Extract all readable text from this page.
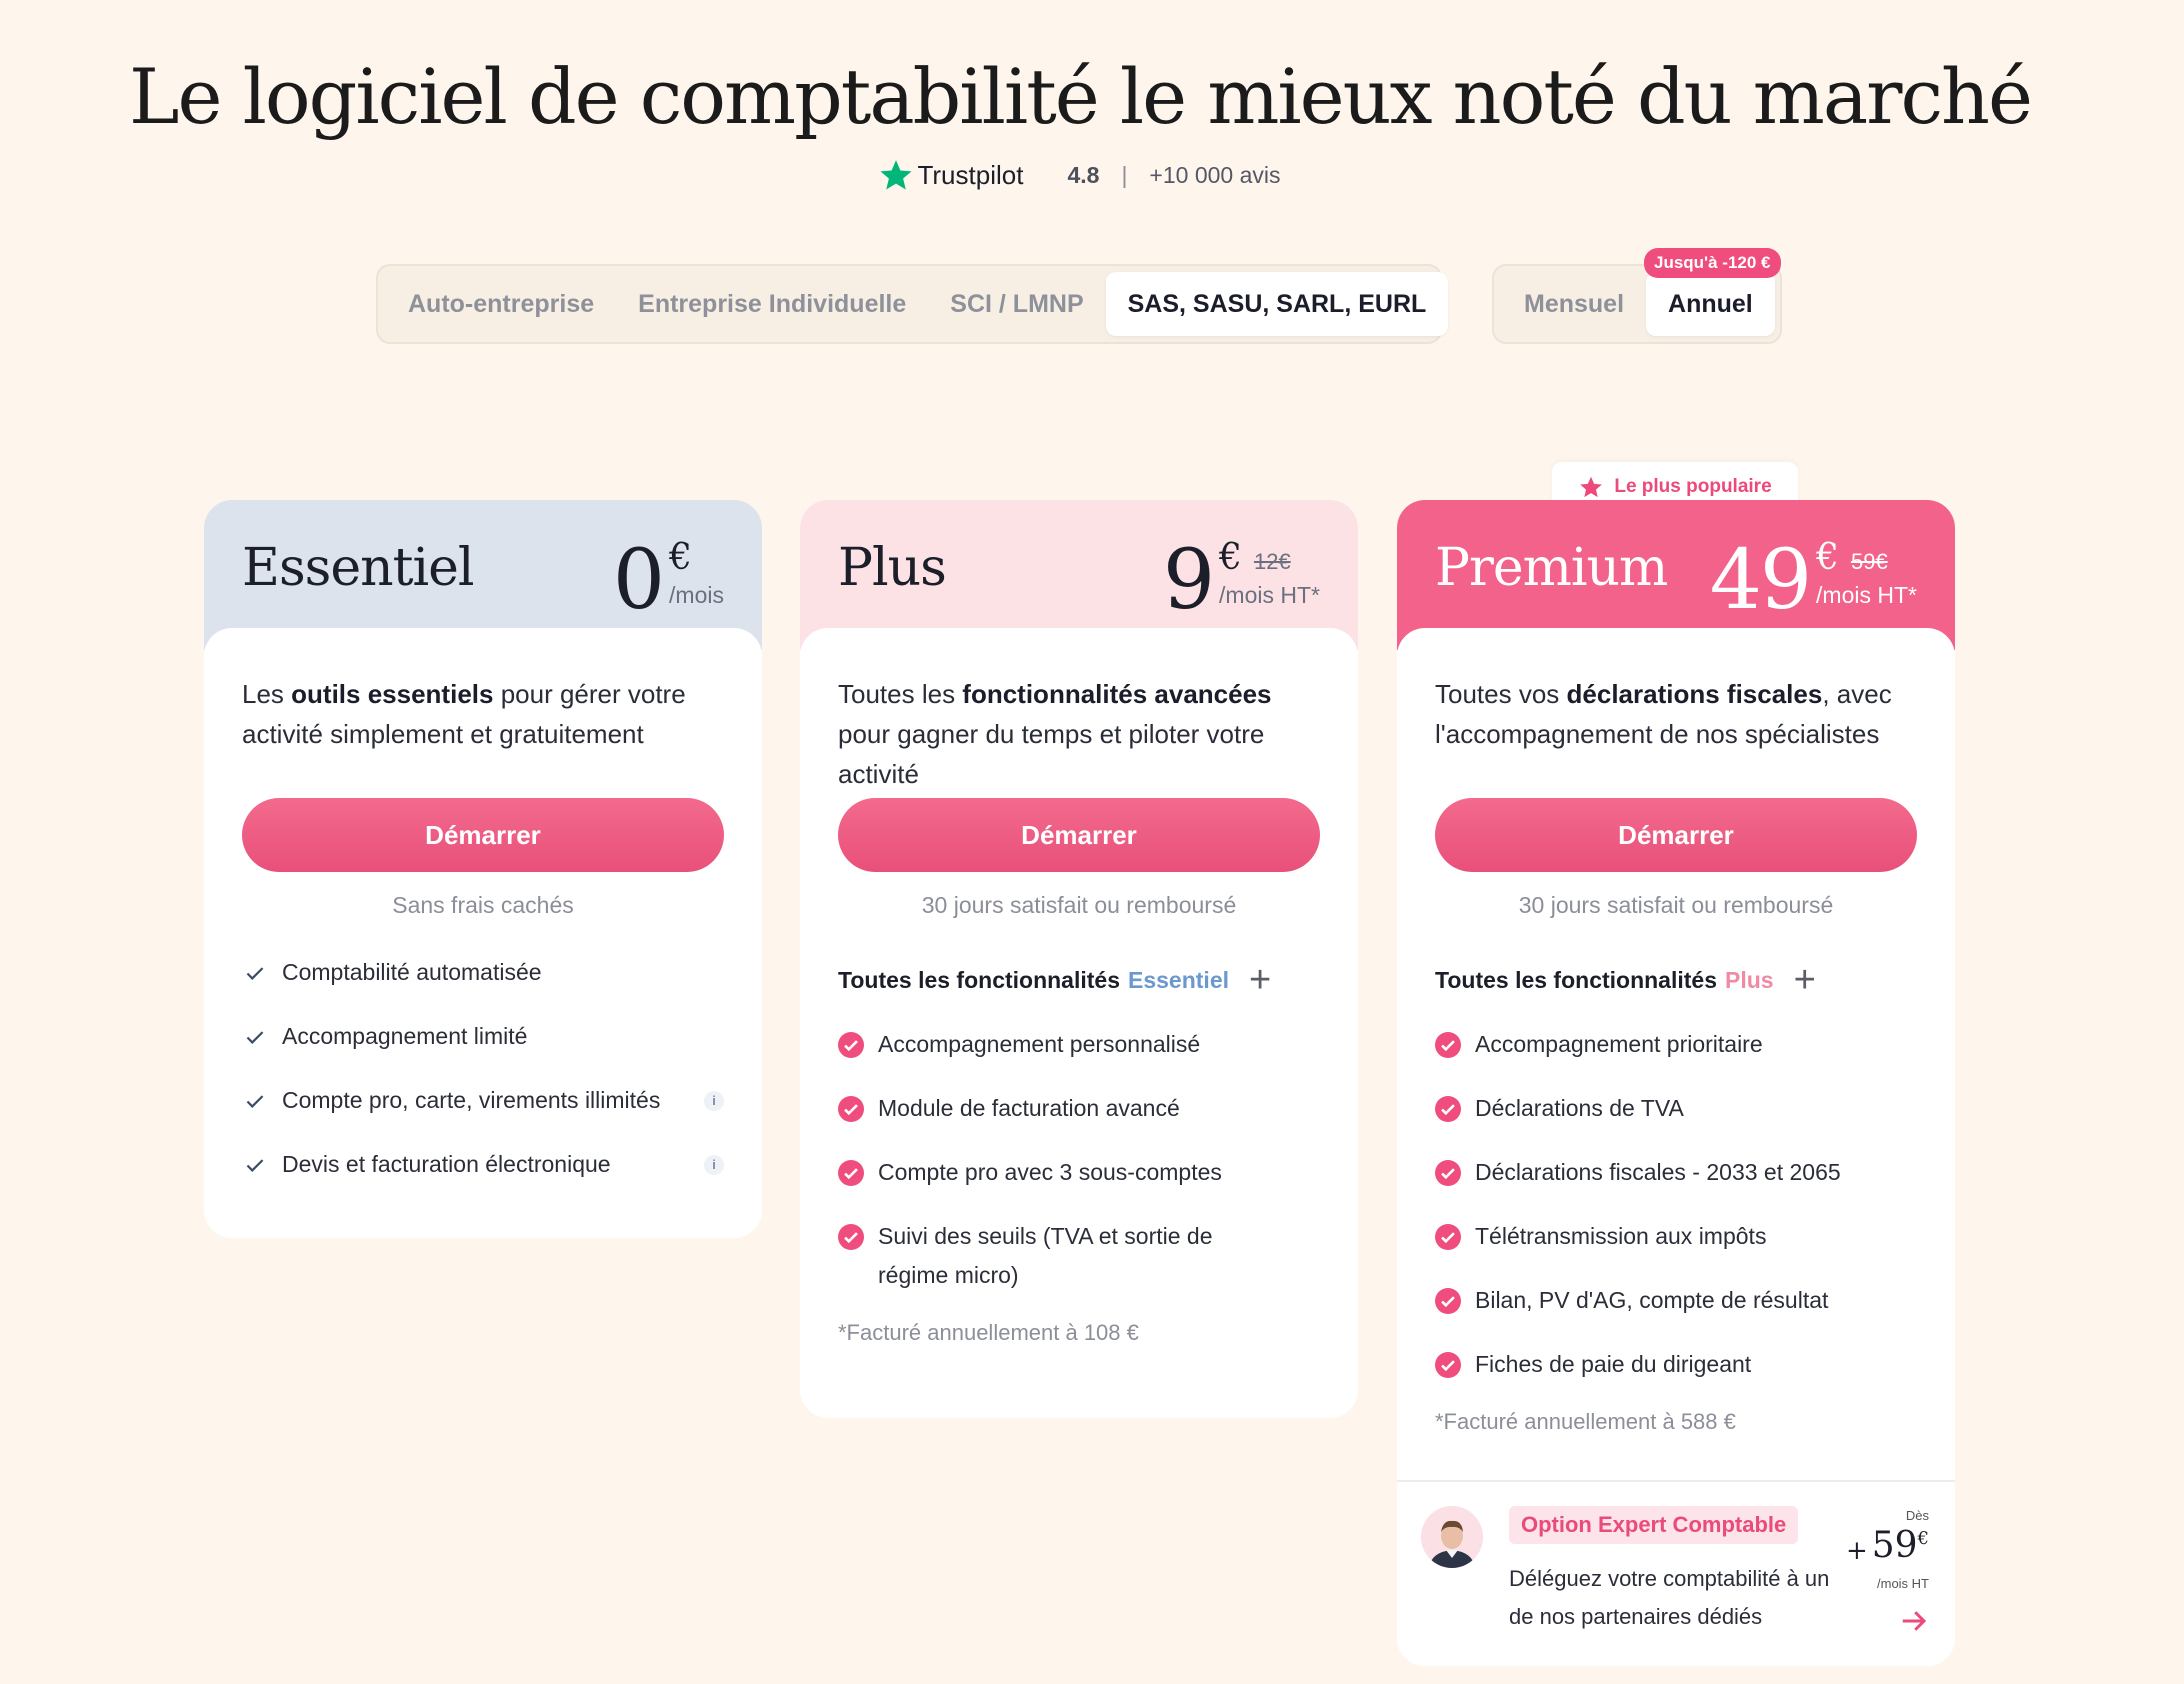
Le logiciel de comptabilité le mieux noté du marché
Trustpilot 4.8 | +10 000 avis
Auto-entreprise	Entreprise Individuelle	SCI / LMNP	SAS, SASU, SARL, EURL	Mensuel	Annuel
Jusqu'à -120 €
Essentiel 0 €
/mois

Les outils essentiels pour gérer votre activité simplement et gratuitement

Démarrer
Sans frais cachés
Comptabilité automatisée
Accompagnement limité
Compte pro, carte, virements illimités	i
Devis et facturation électronique	i
Plus	9 € 12€
/mois HT*

Toutes les fonctionnalités avancées pour gagner du temps et piloter votre activité

Démarrer
30 jours satisfait ou remboursé
Toutes les fonctionnalités Essentiel +
Accompagnement personnalisé
Module de facturation avancé
Compte pro avec 3 sous-comptes
Suivi des seuils (TVA et sortie de régime micro)
*Facturé annuellement à 108 €
Le plus populaire
Premium 49 € 59€
/mois HT*

Toutes vos déclarations fiscales, avec l'accompagnement de nos spécialistes

Démarrer
30 jours satisfait ou remboursé
Toutes les fonctionnalités Plus +
Accompagnement prioritaire
Déclarations de TVA
Déclarations fiscales - 2033 et 2065
Télétransmission aux impôts
Bilan, PV d'AG, compte de résultat
Fiches de paie du dirigeant
*Facturé annuellement à 588 €
Option Expert Comptable
Déléguez votre comptabilité à un de nos partenaires dédiés
Dès
+ 59 €
/mois HT
